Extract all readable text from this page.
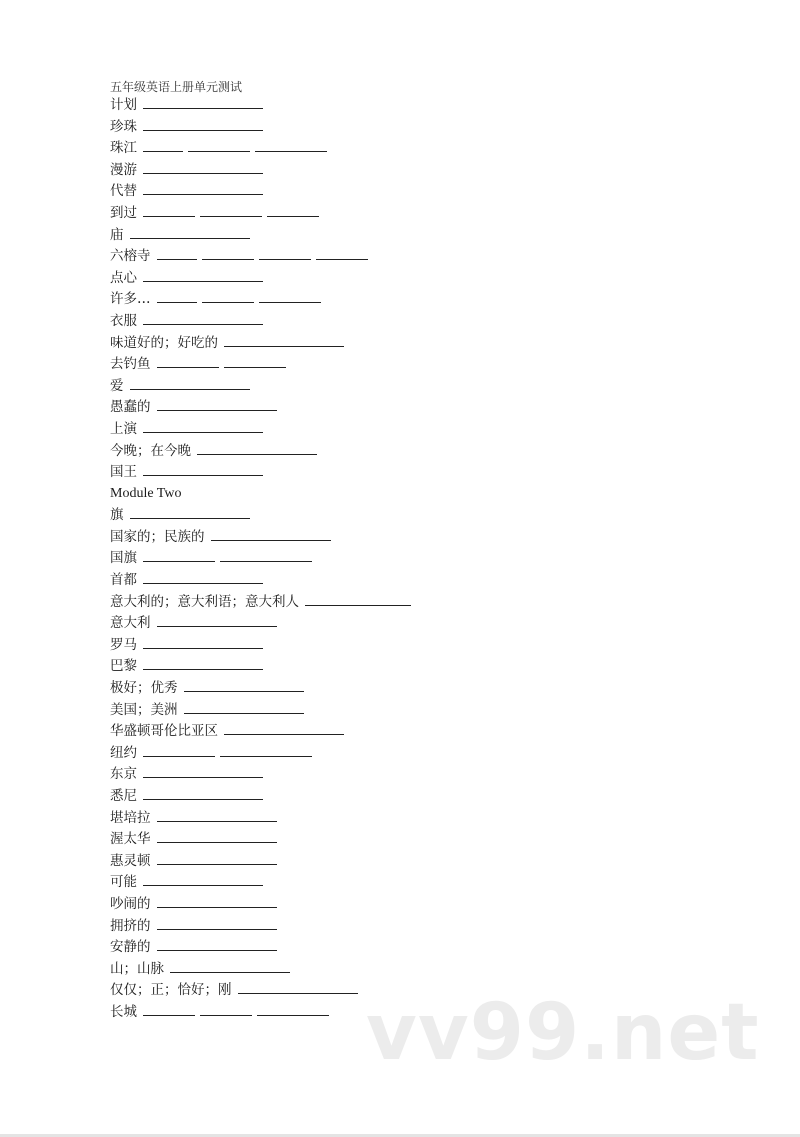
五年级英语上册单元测试
计划
珍珠
珠江
漫游
代替
到过
庙
六榕寺
点心
许多…
衣服
味道好的；好吃的
去钓鱼
爱
愚蠢的
上演
今晚；在今晚
国王
Module Two
旗
国家的；民族的
国旗
首都
意大利的；意大利语；意大利人
意大利
罗马
巴黎
极好；优秀
美国；美洲
华盛顿哥伦比亚区
纽约
东京
悉尼
堪培拉
渥太华
惠灵顿
可能
吵闹的
拥挤的
安静的
山；山脉
仅仅；正；恰好；刚
长城	vv99.net
